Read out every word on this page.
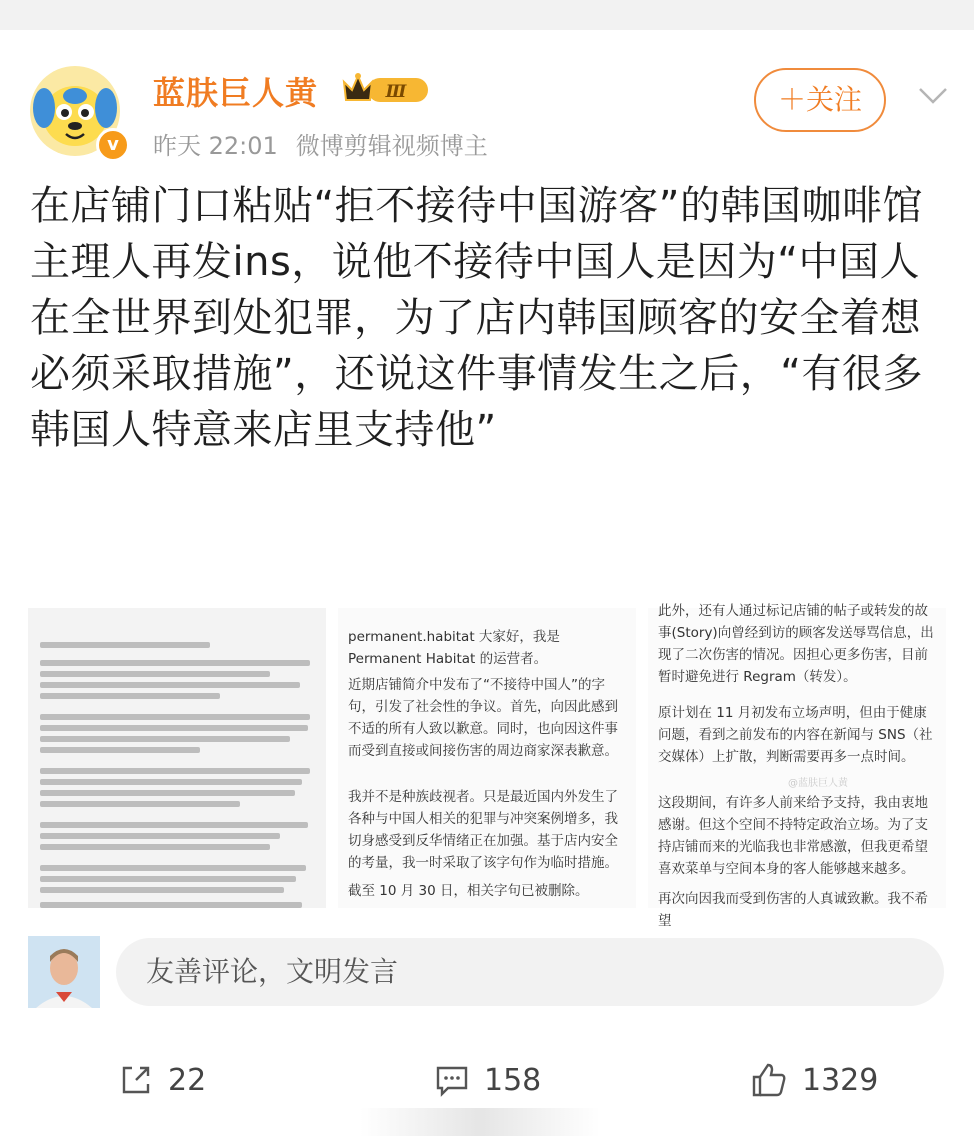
v
蓝肤巨人黄	Ⅲ
昨天 22:01 微博剪辑视频博主
＋关注

在店铺门口粘贴“拒不接待中国游客”的韩国咖啡馆主理人再发ins，说他不接待中国人是因为“中国人在全世界到处犯罪，为了店内韩国顾客的安全着想必须采取措施”，还说这件事情发生之后，“有很多韩国人特意来店里支持他”

permanent.habitat 大家好，我是 Permanent Habitat 的运营者。

近期店铺简介中发布了“不接待中国人”的字句，引发了社会性的争议。首先，向因此感到不适的所有人致以歉意。同时，也向因这件事而受到直接或间接伤害的周边商家深表歉意。

我并不是种族歧视者。只是最近国内外发生了各种与中国人相关的犯罪与冲突案例增多，我切身感受到反华情绪正在加强。基于店内安全的考量，我一时采取了该字句作为临时措施。

截至 10 月 30 日，相关字句已被删除。

此外，还有人通过标记店铺的帖子或转发的故事(Story)向曾经到访的顾客发送辱骂信息，出现了二次伤害的情况。因担心更多伤害，目前暂时避免进行 Regram（转发）。

原计划在 11 月初发布立场声明，但由于健康问题，看到之前发布的内容在新闻与 SNS（社交媒体）上扩散，判断需要再多一点时间。

@蓝肤巨人黄

这段期间，有许多人前来给予支持，我由衷地感谢。但这个空间不持特定政治立场。为了支持店铺而来的光临我也非常感激，但我更希望喜欢菜单与空间本身的客人能够越来越多。

再次向因我而受到伤害的人真诚致歉。我不希望

友善评论，文明发言
22	158	1329
